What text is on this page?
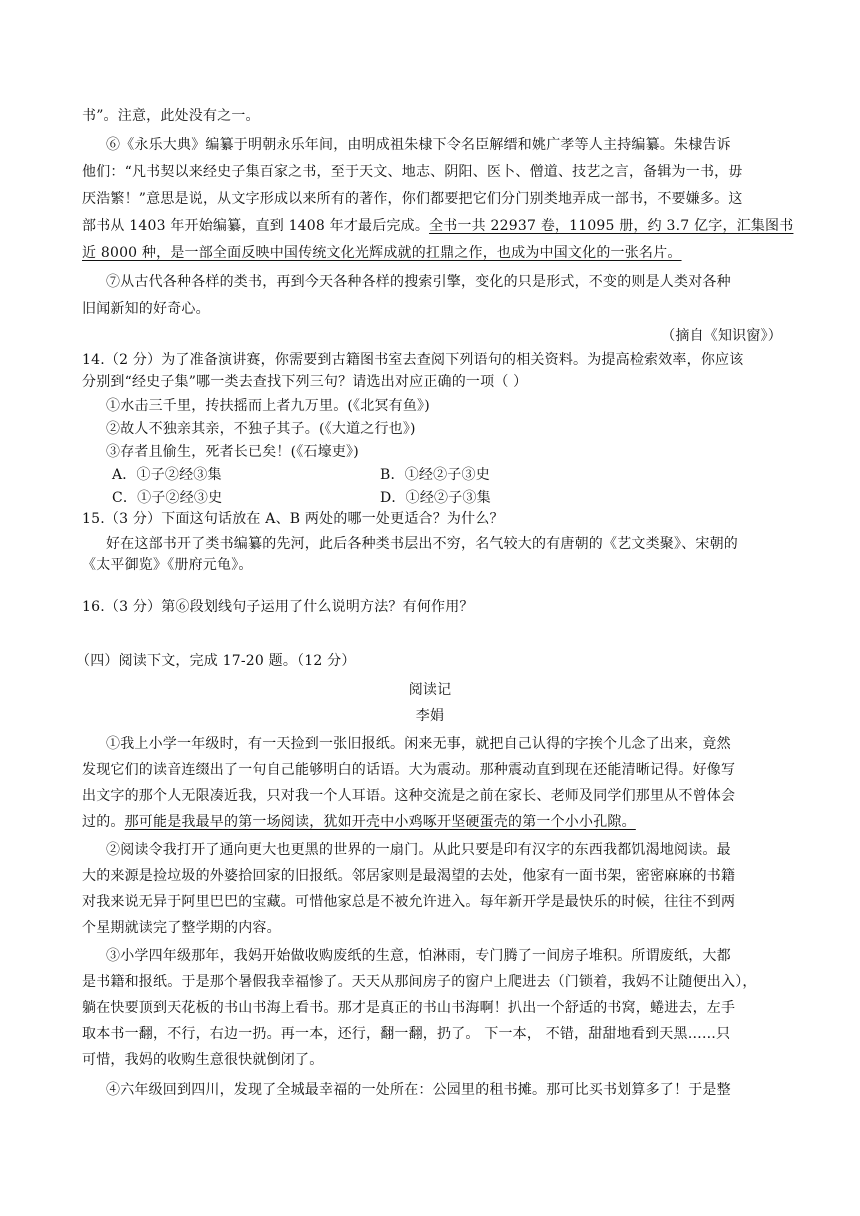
书”。注意，此处没有之一。
⑥《永乐大典》编纂于明朝永乐年间，由明成祖朱棣下令名臣解缙和姚广孝等人主持编纂。朱棣告诉
他们：“凡书契以来经史子集百家之书，至于天文、地志、阴阳、医卜、僧道、技艺之言，备辑为一书，毋
厌浩繁！”意思是说，从文字形成以来所有的著作，你们都要把它们分门别类地弄成一部书，不要嫌多。这
部书从 1403 年开始编纂，直到 1408 年才最后完成。全书一共 22937 卷，11095 册，约 3.7 亿字，汇集图书
近 8000 种，是一部全面反映中国传统文化光辉成就的扛鼎之作，也成为中国文化的一张名片。
⑦从古代各种各样的类书，再到今天各种各样的搜索引擎，变化的只是形式，不变的则是人类对各种
旧闻新知的好奇心。
（摘自《知识窗》）
14.（2 分）为了准备演讲赛，你需要到古籍图书室去查阅下列语句的相关资料。为提高检索效率，你应该
分别到“经史子集”哪一类去查找下列三句？请选出对应正确的一项（ ）
①水击三千里，抟扶摇而上者九万里。(《北冥有鱼》)
②故人不独亲其亲，不独子其子。(《大道之行也》)
③存者且偷生，死者长已矣！(《石壕吏》)
A．①子②经③集	B．①经②子③史
C．①子②经③史	D．①经②子③集
15.（3 分）下面这句话放在 A、B 两处的哪一处更适合？为什么？
好在这部书开了类书编纂的先河，此后各种类书层出不穷，名气较大的有唐朝的《艺文类聚》、宋朝的
《太平御览》《册府元龟》。
16.（3 分）第⑥段划线句子运用了什么说明方法？有何作用？
（四）阅读下文，完成 17-20 题。（12 分）
阅读记
李娟
①我上小学一年级时，有一天捡到一张旧报纸。闲来无事，就把自己认得的字挨个儿念了出来，竟然
发现它们的读音连缀出了一句自己能够明白的话语。大为震动。那种震动直到现在还能清晰记得。好像写
出文字的那个人无限凑近我，只对我一个人耳语。这种交流是之前在家长、老师及同学们那里从不曾体会
过的。那可能是我最早的第一场阅读，犹如开壳中小鸡啄开坚硬蛋壳的第一个小小孔隙。
②阅读令我打开了通向更大也更黑的世界的一扇门。从此只要是印有汉字的东西我都饥渴地阅读。最
大的来源是捡垃圾的外婆拾回家的旧报纸。邻居家则是最渴望的去处，他家有一面书架，密密麻麻的书籍
对我来说无异于阿里巴巴的宝藏。可惜他家总是不被允许进入。每年新开学是最快乐的时候，往往不到两
个星期就读完了整学期的内容。
③小学四年级那年，我妈开始做收购废纸的生意，怕淋雨，专门腾了一间房子堆积。所谓废纸，大都
是书籍和报纸。于是那个暑假我幸福惨了。天天从那间房子的窗户上爬进去（门锁着，我妈不让随便出入），
躺在快要顶到天花板的书山书海上看书。那才是真正的书山书海啊！扒出一个舒适的书窝，蜷进去，左手
取本书一翻，不行，右边一扔。再一本，还行，翻一翻，扔了。 下一本， 不错，甜甜地看到天黑……只
可惜，我妈的收购生意很快就倒闭了。
④六年级回到四川，发现了全城最幸福的一处所在：公园里的租书摊。那可比买书划算多了！于是整
